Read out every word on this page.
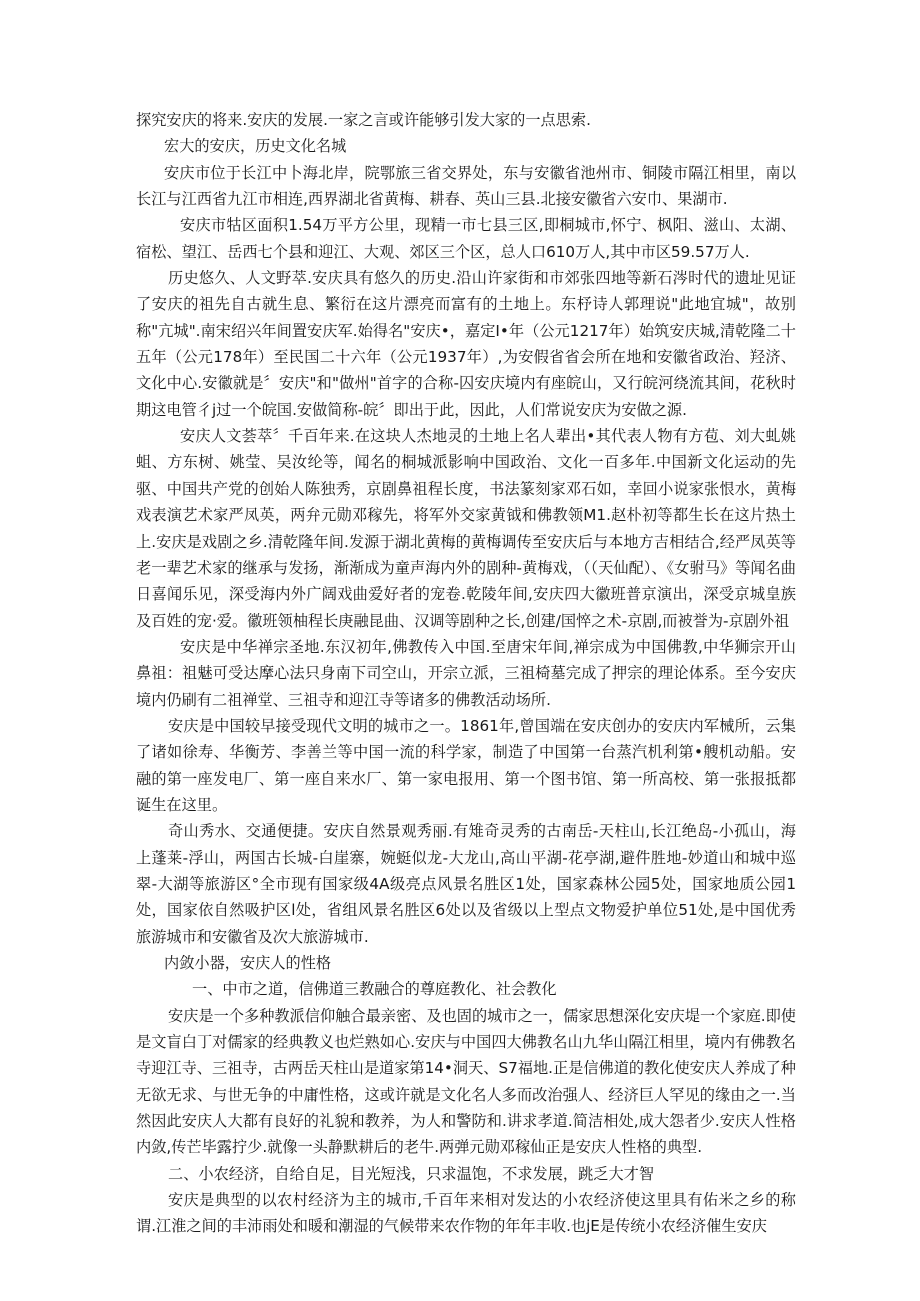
探究安庆的将来.安庆的发展.一家之言或许能够引发大家的一点思索.

宏大的安庆，历史文化名城

安庆市位于长江中卜海北岸，院鄂旅三省交界处，东与安徽省池州市、铜陵市隔江相里，南以长江与江西省九江市相连,西界湖北省黄梅、耕春、英山三县.北接安徽省六安巾、果湖市.

安庆市牯区面积1.54万平方公里，现精一市七县三区,即桐城市,怀宁、枫阳、滋山、太湖、宿松、望江、岳西七个县和迎江、大观、郊区三个区，总人口610万人,其中市区59.57万人.

历史悠久、人文野萃.安庆具有悠久的历史.沿山许家街和市郊张四地等新石涔时代的遗址见证了安庆的祖先自古就生息、繁衍在这片漂亮而富有的土地上。东杼诗人郭理说"此地宜城"，故别称"亢城".南宋绍兴年间置安庆军.始得名"安庆•，嘉定I•年（公元1217年）始筑安庆城,清乾隆二十五年（公元178年）至民国二十六年（公元1937年）,为安假省省会所在地和安徽省政治、羟济、文化中心.安徽就是〞安庆"和"做州"首字的合称-囚安庆境内有座皖山，又行皖河绕流其间，花秋时期这电管彳j过一个皖国.安做简称-皖〞即出于此，因此，人们常说安庆为安做之源.

安庆人文荟萃〞千百年来.在这块人杰地灵的土地上名人辈出•其代表人物有方苞、刘大虬姚蛆、方东树、姚莹、吴汝纶等，闻名的桐城派影响中国政治、文化一百多年.中国新文化运动的先驱、中国共产党的创始人陈独秀，京剧鼻祖程长度，书法篆刻家邓石如，幸回小说家张恨水，黄梅戏表演艺术家严凤英，两弁元勋邓稼先，将军外交家黄钺和佛教领M1.赵朴初等都生长在这片热土上.安庆是戏剧之乡.清乾隆年间.发源于湖北黄梅的黄梅调传至安庆后与本地方吉相结合,经严凤英等老一辈艺术家的继承与发扬，渐渐成为童声海内外的剧种-黄梅戏，（（天仙配）、《女驸马》等闻名曲日喜闻乐见，深受海内外广阔戏曲爱好者的宠卷.乾陵年间,安庆四大徽班普京演出，深受京城皇族及百姓的宠·爱。徽班领柚程长庚融昆曲、汉调等剧种之长,创建/国悴之术-京剧,而被誉为-京剧外祖

安庆是中华禅宗圣地.东汉初年,佛教传入中国.至唐宋年间,禅宗成为中国佛教,中华狮宗开山鼻祖：祖魅可受达摩心法只身南下司空山，开宗立派，三祖椅墓完成了押宗的理论体系。至今安庆境内仍刷有二祖禅堂、三祖寺和迎江寺等诸多的佛教活动场所.

安庆是中国较早接受现代文明的城市之一。1861年,曾国端在安庆创办的安庆内军械所，云集了诸如徐寿、华衡芳、李善兰等中国一流的科学家，制造了中国第一台蒸汽机利第•艘机动船。安融的第一座发电厂、第一座自来水厂、第一家电报用、第一个图书馆、第一所高校、第一张报抵都诞生在这里。

奇山秀水、交通便捷。安庆自然景观秀丽.有雉奇灵秀的古南岳-天柱山,长江绝岛-小孤山，海上蓬莱-浮山，两国古长城-白崖寨，婉蜓似龙-大龙山,高山平湖-花亭湖,避件胜地-妙道山和城中巡翠-大湖等旅游区°全市现有国家级4A级亮点风景名胜区1处，国家森林公园5处，国家地质公园1处，国家依自然吸护区l处，省组风景名胜区6处以及省级以上型点文物爱护单位51处,是中国优秀旅游城市和安徽省及次大旅游城市.

内敛小器，安庆人的性格

一、中市之道，信佛道三教融合的尊庭教化、社会教化

安庆是一个多种教派信仰触合最亲密、及也固的城市之一，儒家思想深化安庆堤一个家庭.即使是文盲白丁对儒家的经典教义也烂熟如心.安庆与中国四大佛教名山九华山隔江相里，境内有佛教名寺迎江寺、三祖寺，古两岳天柱山是道家第14•洞天、S7福地.正是信佛道的教化使安庆人养成了种无欲无求、与世无争的中庸性格，这或许就是文化名人多而改治强人、经济巨人罕见的缘由之一.当然因此安庆人大都有良好的礼貌和教养，为人和警防和.讲求孝道.简洁相处,成大怨者少.安庆人性格内敛,传芒毕露拧少.就像一头静默耕后的老牛.两弹元勋邓稼仙正是安庆人性格的典型.

二、小农经济，自给自足，目光短浅，只求温饱，不求发展，跳乏大才智

安庆是典型的以农村经济为主的城市,千百年来相对发达的小农经济使这里具有佑米之乡的称谓.江淮之间的丰沛雨处和暖和潮湿的气候带来农作物的年年丰收.也jE是传统小农经济催生安庆
